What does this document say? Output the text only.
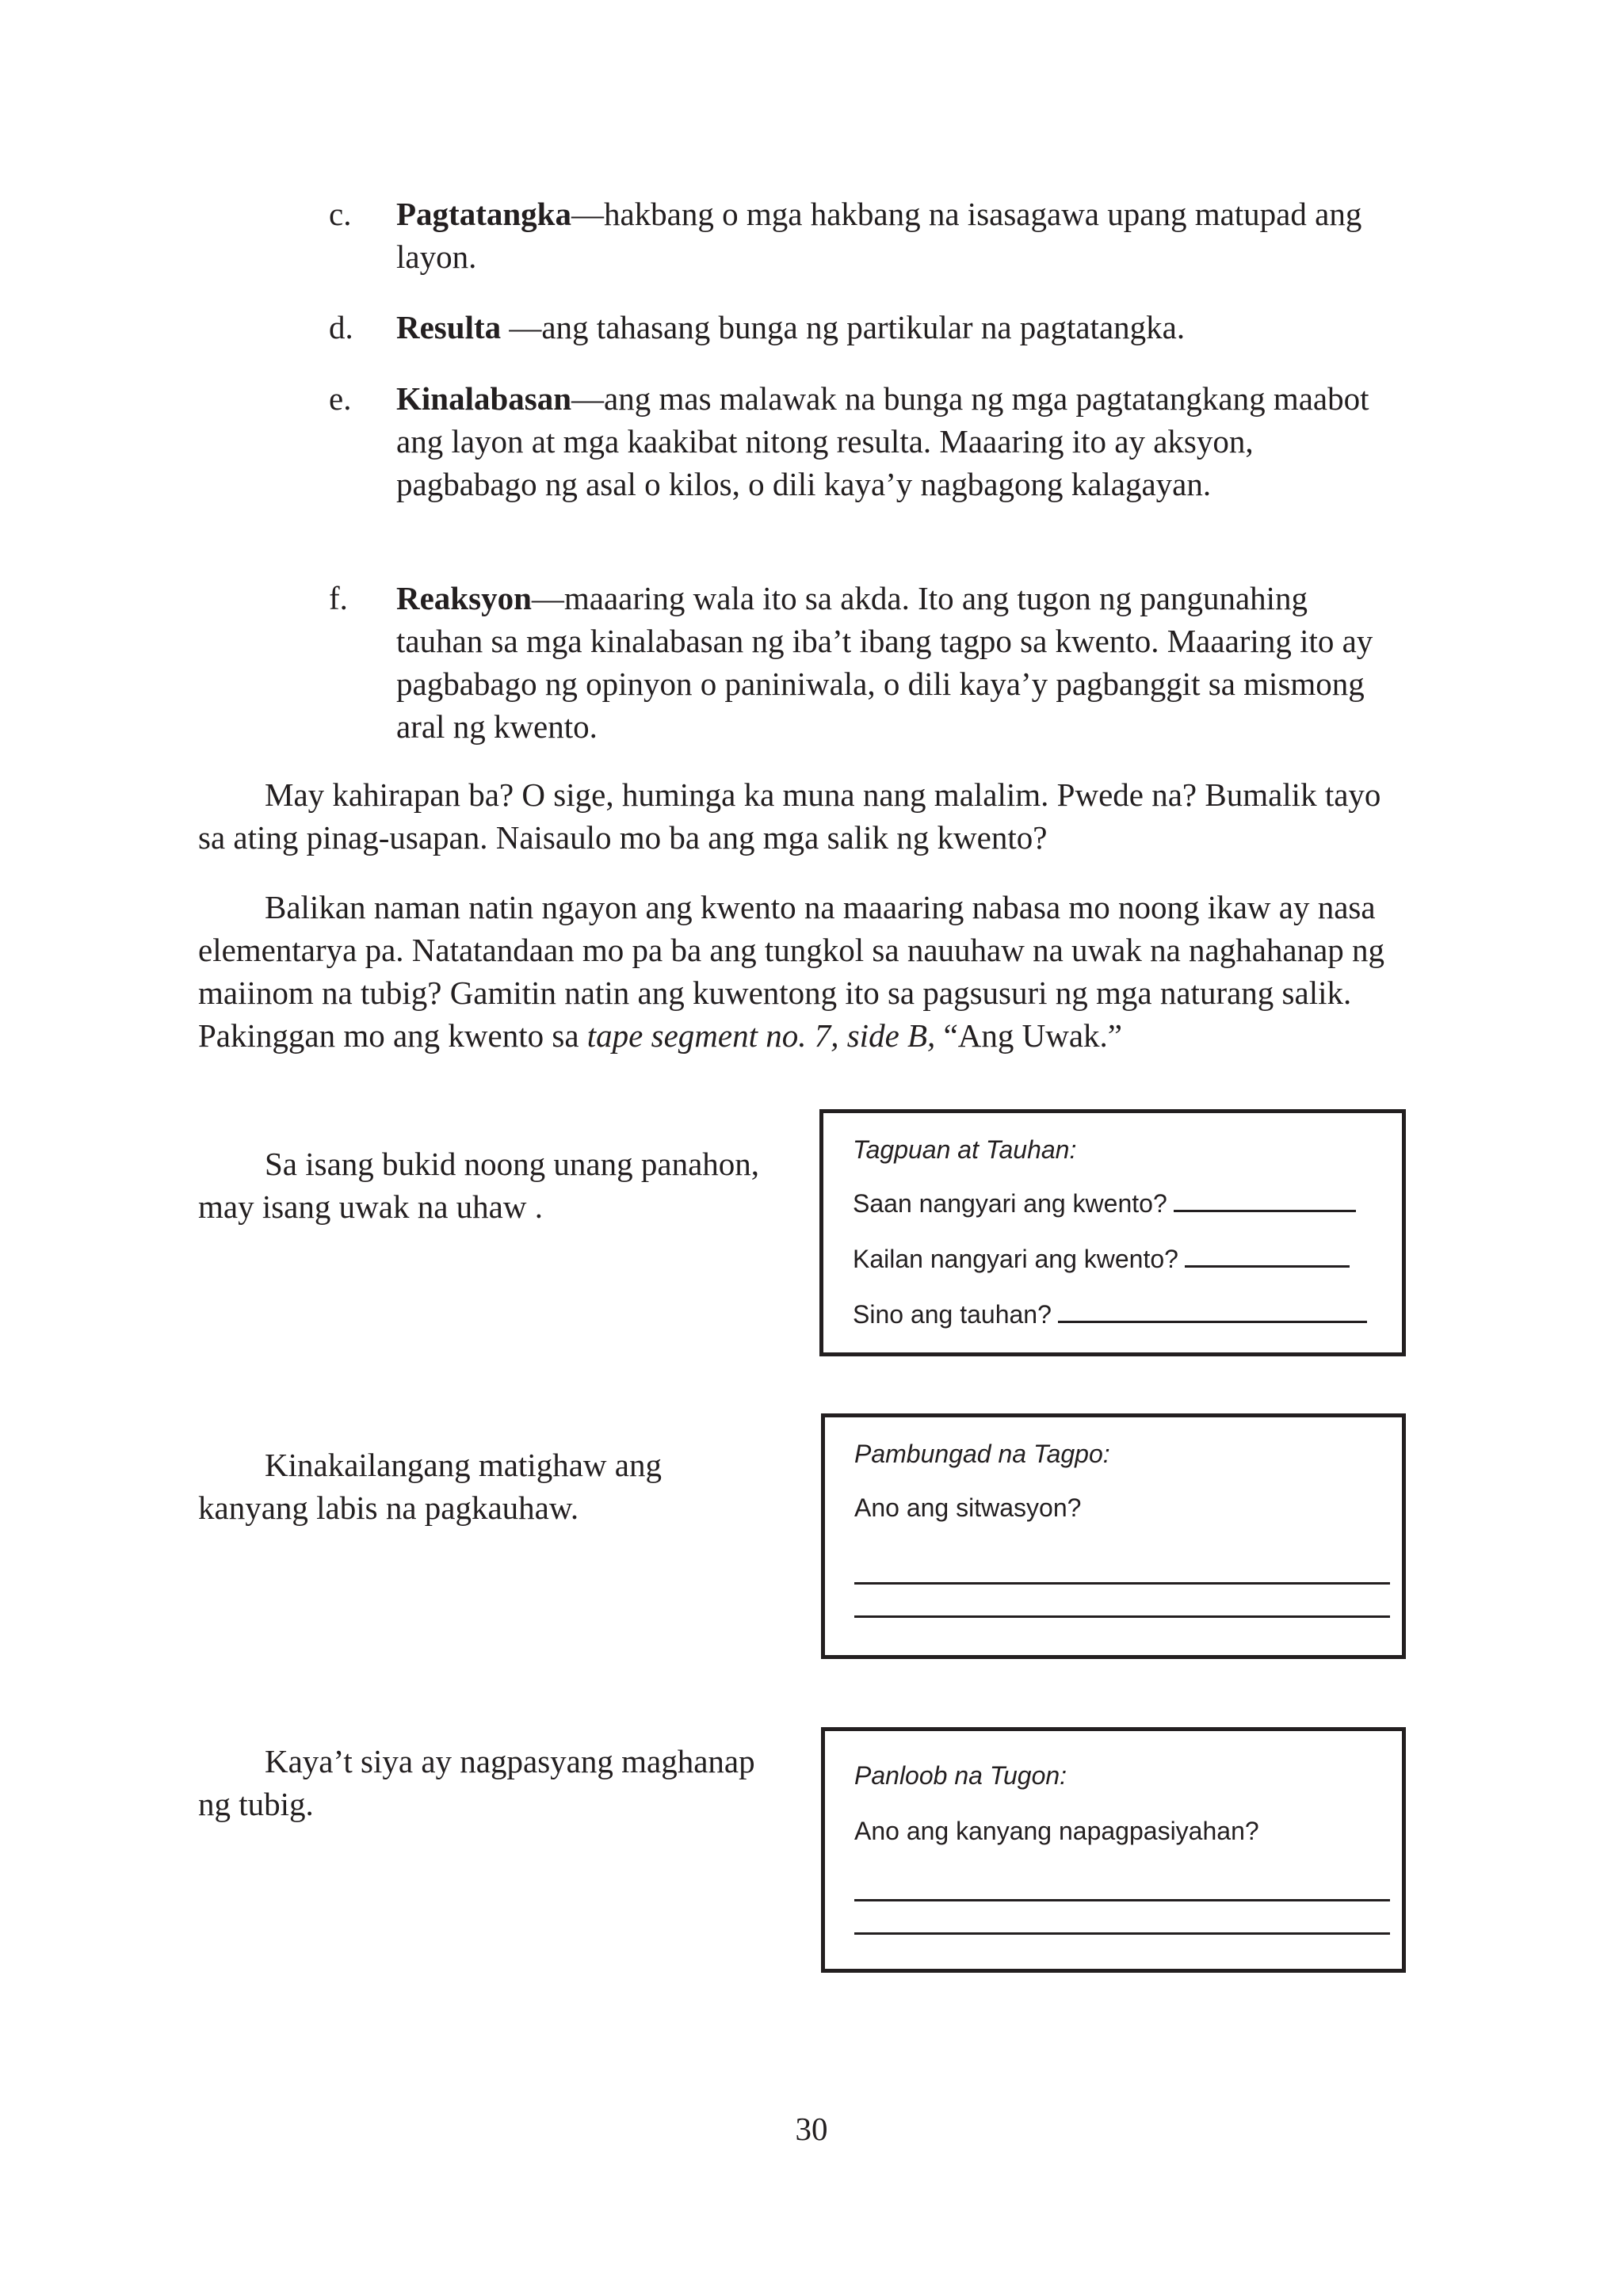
c. Pagtatangka—hakbang o mga hakbang na isasagawa upang matupad ang layon.
d. Resulta —ang tahasang bunga ng partikular na pagtatangka.
e. Kinalabasan—ang mas malawak na bunga ng mga pagtatangkang maabot ang layon at mga kaakibat nitong resulta. Maaaring ito ay aksyon, pagbabago ng asal o kilos, o dili kaya’y nagbagong kalagayan.
f. Reaksyon—maaaring wala ito sa akda. Ito ang tugon ng pangunahing tauhan sa mga kinalabasan ng iba’t ibang tagpo sa kwento. Maaaring ito ay pagbabago ng opinyon o paniniwala, o dili kaya’y pagbanggit sa mismong aral ng kwento.

May kahirapan ba? O sige, huminga ka muna nang malalim. Pwede na? Bumalik tayo sa ating pinag-usapan. Naisaulo mo ba ang mga salik ng kwento?

Balikan naman natin ngayon ang kwento na maaaring nabasa mo noong ikaw ay nasa elementarya pa. Natatandaan mo pa ba ang tungkol sa nauuhaw na uwak na naghahanap ng maiinom na tubig? Gamitin natin ang kuwentong ito sa pagsusuri ng mga naturang salik. Pakinggan mo ang kwento sa tape segment no. 7, side B, “Ang Uwak.”

Sa isang bukid noong unang panahon, may isang uwak na uhaw .

Kinakailangang matighaw ang kanyang labis na pagkauhaw.

Kaya’t siya ay nagpasyang maghanap ng tubig.

Tagpuan at Tauhan:
Saan nangyari ang kwento?
Kailan nangyari ang kwento?
Sino ang tauhan?
Pambungad na Tagpo:
Ano ang sitwasyon?
Panloob na Tugon:
Ano ang kanyang napagpasiyahan?
30
